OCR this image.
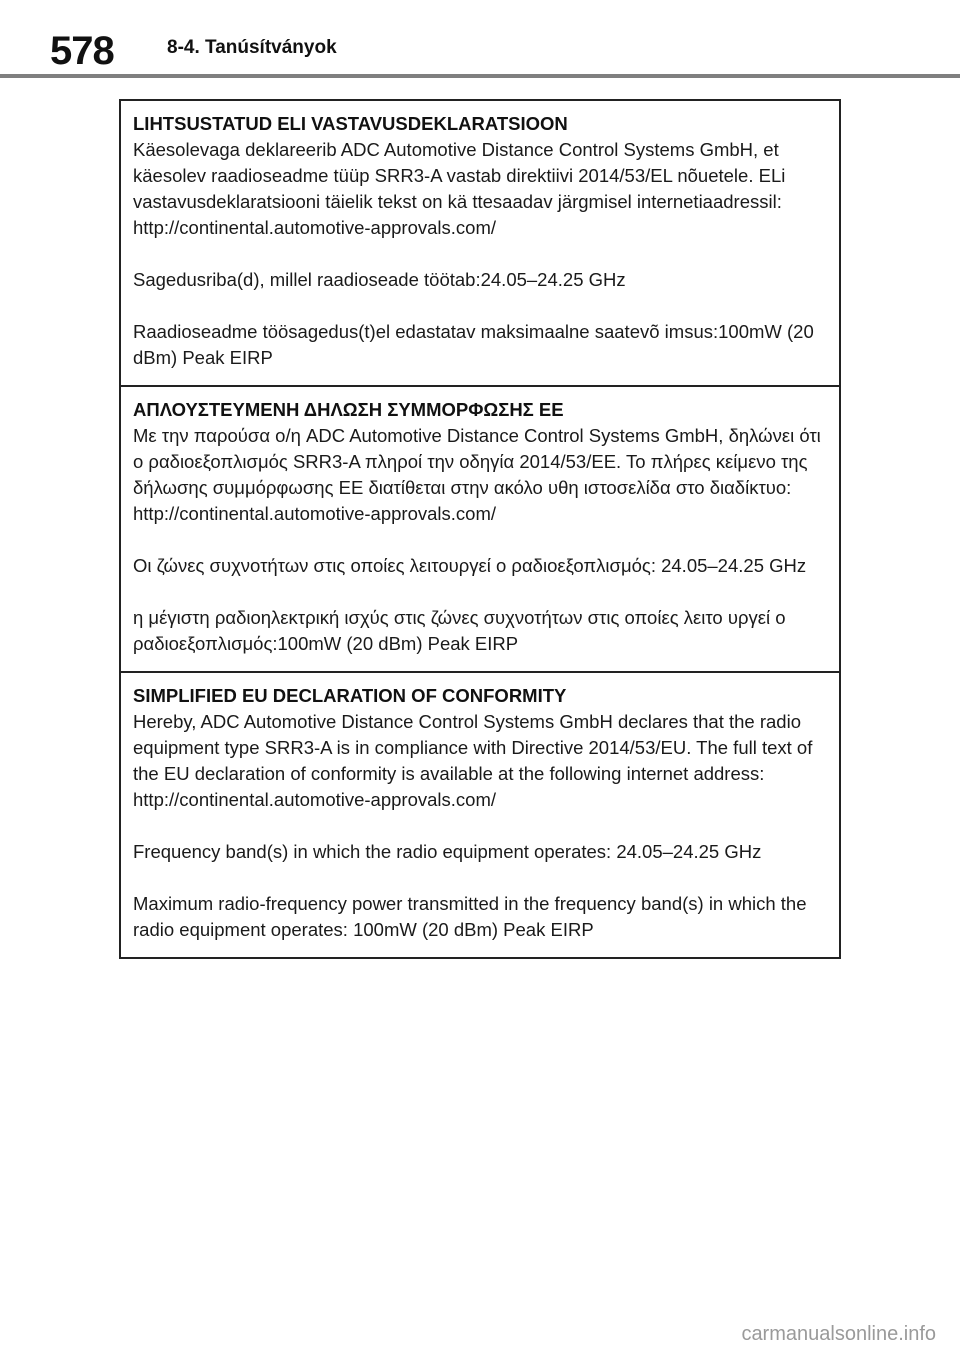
578	8-4. Tanúsítványok

LIHTSUSTATUD ELI VASTAVUSDEKLARATSIOON

Käesolevaga deklareerib ADC Automotive Distance Control Systems GmbH, et käesolev raadioseadme tüüp SRR3-A vastab direktiivi 2014/53/EL nõuetele. ELi vastavusdeklaratsiooni täielik tekst on kä ttesaadav järgmisel internetiaadressil: http://continental.automotive-approvals.com/

Sagedusriba(d), millel raadioseade töötab:24.05–24.25 GHz

Raadioseadme töösagedus(t)el edastatav maksimaalne saatevõ imsus:100mW (20 dBm) Peak EIRP

ΑΠΛΟΥΣΤΕΥΜΕΝΗ ΔΗΛΩΣΗ ΣΥΜΜΟΡΦΩΣΗΣ ΕΕ

Με την παρούσα ο/η ADC Automotive Distance Control Systems GmbH, δηλώνει ότι ο ραδιοεξοπλισμός SRR3-A πληροί την οδηγία 2014/53/ΕΕ. Το πλήρες κείμενο της δήλωσης συμμόρφωσης ΕΕ διατίθεται στην ακόλο υθη ιστοσελίδα στο διαδίκτυο: http://continental.automotive-approvals.com/

Οι ζώνες συχνοτήτων στις οποίες λειτουργεί ο ραδιοεξοπλισμός: 24.05–24.25 GHz

η μέγιστη ραδιοηλεκτρική ισχύς στις ζώνες συχνοτήτων στις οποίες λειτο υργεί ο ραδιοεξοπλισμός:100mW (20 dBm) Peak EIRP

SIMPLIFIED EU DECLARATION OF CONFORMITY

Hereby, ADC Automotive Distance Control Systems GmbH declares that the radio equipment type SRR3-A is in compliance with Directive 2014/53/EU. The full text of the EU declaration of conformity is available at the following internet address: http://continental.automotive-approvals.com/

Frequency band(s) in which the radio equipment operates: 24.05–24.25 GHz

Maximum radio-frequency power transmitted in the frequency band(s) in which the radio equipment operates: 100mW (20 dBm) Peak EIRP

carmanualsonline.info
